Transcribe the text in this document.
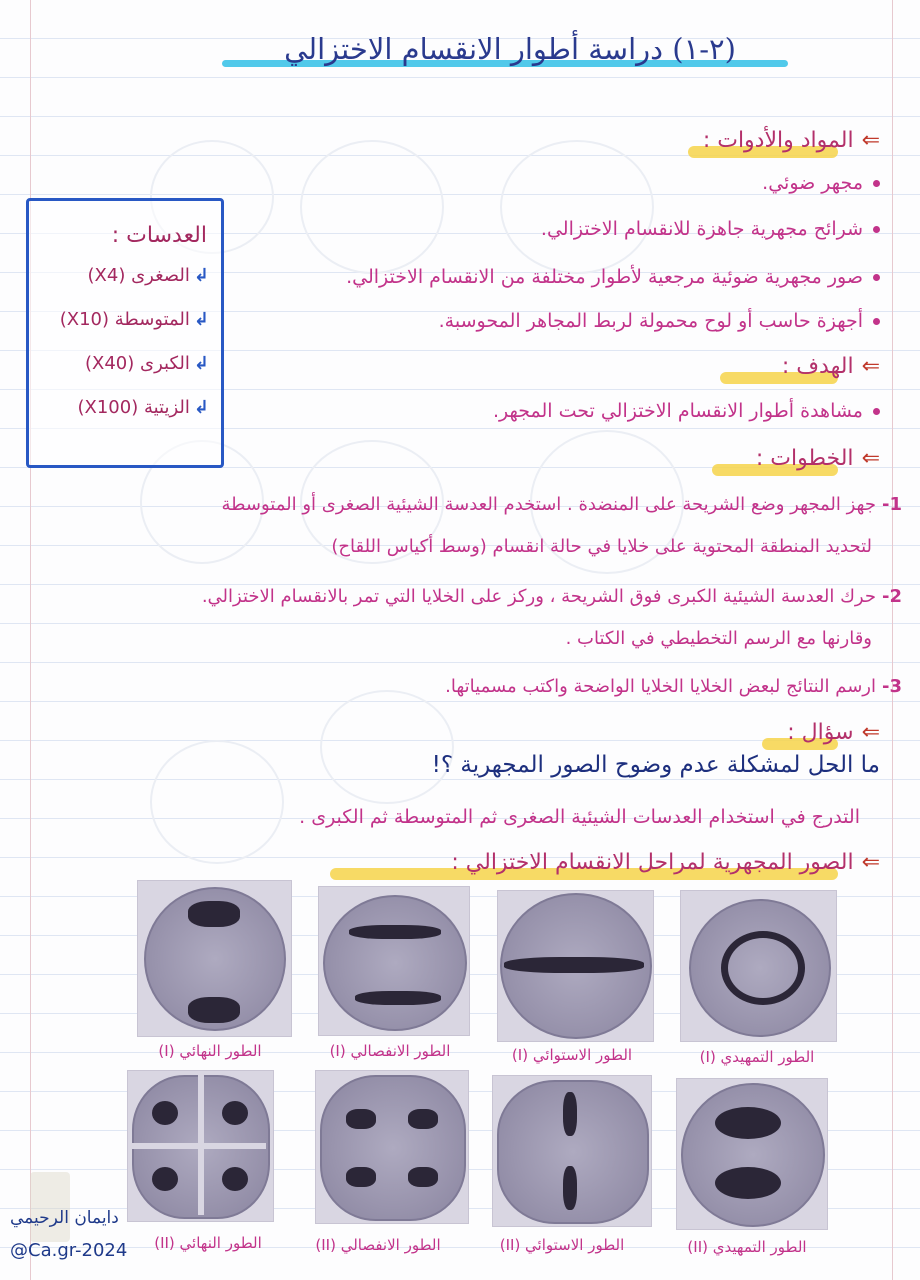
(٢-١) دراسة أطوار الانقسام الاختزالي
⇐المواد والأدوات :
مجهر ضوئي.
شرائح مجهرية جاهزة للانقسام الاختزالي.
صور مجهرية ضوئية مرجعية لأطوار مختلفة من الانقسام الاختزالي.
أجهزة حاسب أو لوح محمولة لربط المجاهر المحوسبة.
العدسات :
↲الصغرى (X4)
↲المتوسطة (X10)
↲الكبرى (X40)
↲الزيتية (X100)
⇐الهدف :
مشاهدة أطوار الانقسام الاختزالي تحت المجهر.
⇐الخطوات :
1-جهز المجهر وضع الشريحة على المنضدة . استخدم العدسة الشيئية الصغرى أو المتوسطة
لتحديد المنطقة المحتوية على خلايا في حالة انقسام (وسط أكياس اللقاح)
2-حرك العدسة الشيئية الكبرى فوق الشريحة ، وركز على الخلايا التي تمر بالانقسام الاختزالي.
وقارنها مع الرسم التخطيطي في الكتاب .
3-ارسم النتائج لبعض الخلايا الخلايا الواضحة واكتب مسمياتها.
⇐سؤال :
ما الحل لمشكلة عدم وضوح الصور المجهرية ؟!
التدرج في استخدام العدسات الشيئية الصغرى ثم المتوسطة ثم الكبرى .
⇐الصور المجهرية لمراحل الانقسام الاختزالي :
الطور النهائي (I)	الطور الانفصالي (I)	الطور الاستوائي (I)	الطور التمهيدي (I)
الطور النهائي (II)	الطور الانفصالي (II)	الطور الاستوائي (II)	الطور التمهيدي (II)
دايمان الرحيمي
@Ca.gr-2024
